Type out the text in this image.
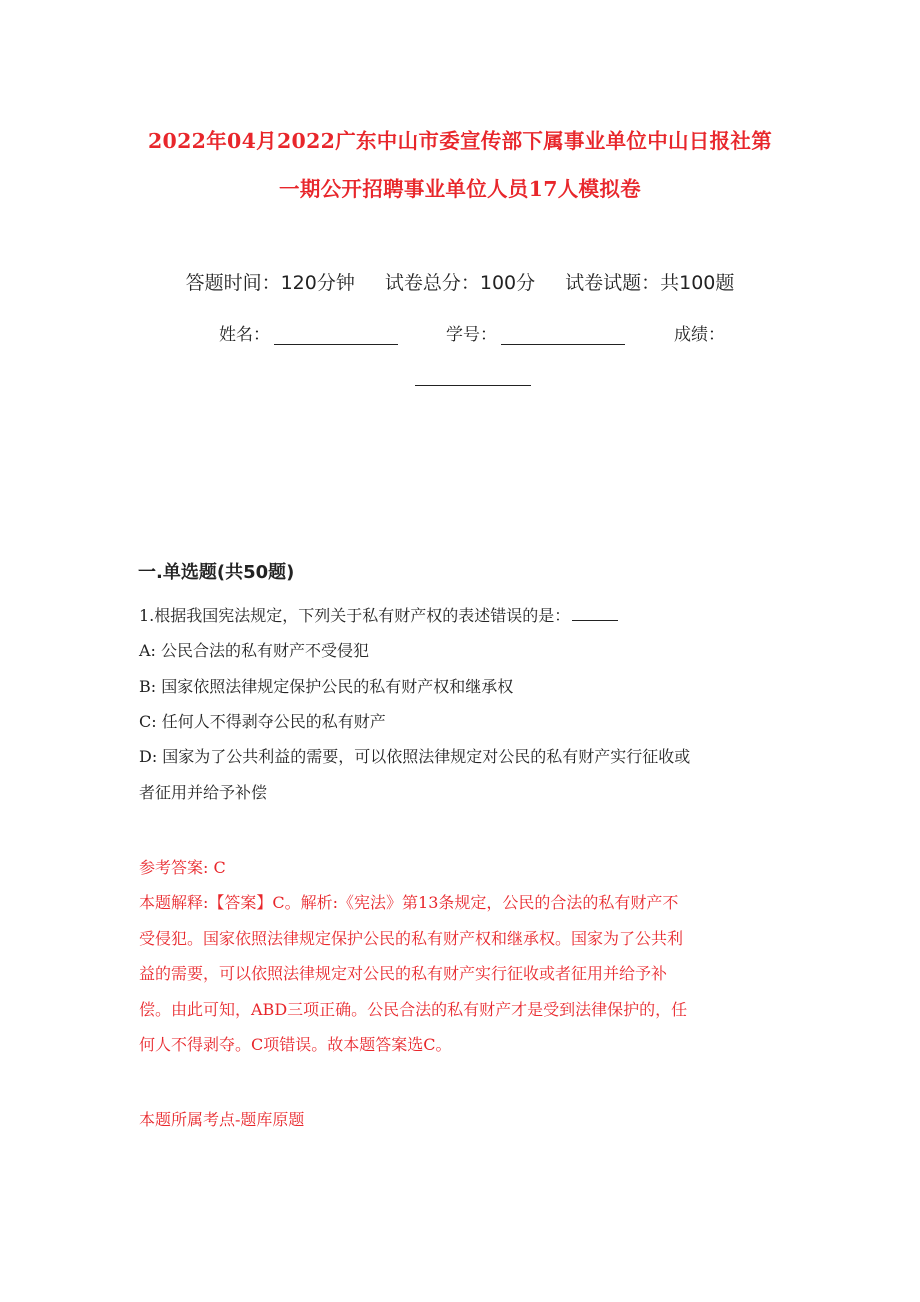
2022年04月2022广东中山市委宣传部下属事业单位中山日报社第
一期公开招聘事业单位人员17人模拟卷
答题时间：120分钟 试卷总分：100分 试卷试题：共100题
姓名：	学号：	成绩：
一.单选题(共50题)
1.根据我国宪法规定，下列关于私有财产权的表述错误的是：
A: 公民合法的私有财产不受侵犯
B: 国家依照法律规定保护公民的私有财产权和继承权
C: 任何人不得剥夺公民的私有财产
D: 国家为了公共利益的需要，可以依照法律规定对公民的私有财产实行征收或
者征用并给予补偿
参考答案: C
本题解释:【答案】C。解析:《宪法》第13条规定，公民的合法的私有财产不
受侵犯。国家依照法律规定保护公民的私有财产权和继承权。国家为了公共利
益的需要，可以依照法律规定对公民的私有财产实行征收或者征用并给予补
偿。由此可知，ABD三项正确。公民合法的私有财产才是受到法律保护的，任
何人不得剥夺。C项错误。故本题答案选C。
本题所属考点-题库原题
